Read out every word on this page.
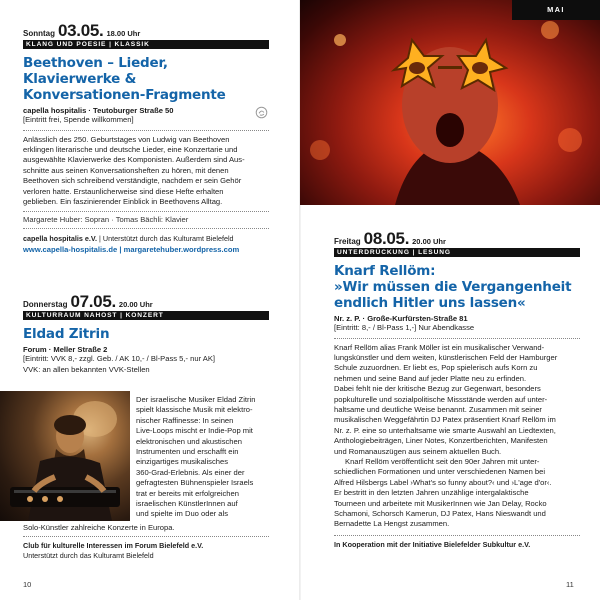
Sonntag 03.05. 18.00 Uhr
KLANG UND POESIE | KLASSIK
Beethoven – Lieder, Klavierwerke &
Konversationen-Fragmente
capella hospitalis · Teutoburger Straße 50
[Eintritt frei, Spende willkommen]
Anlässlich des 250. Geburtstages von Ludwig van Beethoven
erklingen literarische und deutsche Lieder, eine Konzertarie und
ausgewählte Klavierwerke des Komponisten. Außerdem sind Aus-
schnitte aus seinen Konversationsheften zu hören, mit denen
Beethoven sich schreibend verständigte, nachdem er sein Gehör
verloren hatte. Erstaunlicherweise sind diese Hefte erhalten
geblieben. Ein faszinierender Einblick in Beethovens Alltag.
Margarete Huber: Sopran · Tomas Bächli: Klavier
capella hospitalis e.V. | Unterstützt durch das Kulturamt Bielefeld
www.capella-hospitalis.de | margaretehuber.wordpress.com
Donnerstag 07.05. 20.00 Uhr
KULTURRAUM NAHOST | KONZERT
Eldad Zitrin
Forum · Meller Straße 2
[Eintritt: VVK 8,- zzgl. Geb. / AK 10,- / Bl-Pass 5,- nur AK]
VVK: an allen bekannten VVK-Stellen
Der israelische Musiker Eldad Zitrin
spielt klassische Musik mit elektro-
nischer Raffinesse: In seinen
Live-Loops mischt er Indie-Pop mit
elektronischen und akustischen
Instrumenten und erschafft ein
einzigartiges musikalisches
360-Grad-Erlebnis. Als einer der
gefragtesten Bühnenspieler Israels
trat er bereits mit erfolgreichen
israelischen KünstlerInnen auf
und spielte im Duo oder als
Solo-Künstler zahlreiche Konzerte in Europa.
Club für kulturelle Interessen im Forum Bielefeld e.V.
Unterstützt durch das Kulturamt Bielefeld
10
MAI
Freitag 08.05. 20.00 Uhr
UNTERDRÜCKUNG | LESUNG
Knarf Rellöm:
»Wir müssen die Vergangenheit
endlich Hitler uns lassen«
Nr. z. P. · Große-Kurfürsten-Straße 81
[Eintritt: 8,- / Bl-Pass 1,-] Nur Abendkasse
Knarf Rellöm alias Frank Möller ist ein musikalischer Verwand-
lungskünstler und dem weiten, künstlerischen Feld der Hamburger
Schule zuzuordnen. Er liebt es, Pop spielerisch aufs Korn zu
nehmen und seine Band auf jeder Platte neu zu erfinden.
Dabei fehlt nie der kritische Bezug zur Gegenwart, besonders
popkulturelle und sozialpolitische Missstände werden auf unter-
haltsame und deutliche Weise benannt. Zusammen mit seiner
musikalischen Weggefährtin DJ Patex präsentiert Knarf Rellöm im
Nr. z. P. eine so unterhaltsame wie smarte Auswahl an Liedtexten,
Anthologiebeiträgen, Liner Notes, Konzertberichten, Manifesten
und Romanauszügen aus seinem aktuellen Buch.
Knarf Rellöm veröffentlicht seit den 90er Jahren mit unter-
schiedlichen Formationen und unter verschiedenen Namen bei
Alfred Hilsbergs Label ›What's so funny about?‹ und ›L'age d'or‹.
Er bestritt in den letzten Jahren unzählige intergalaktische
Tourneen und arbeitete mit MusikerInnen wie Jan Delay, Rocko
Schamoni, Schorsch Kamerun, DJ Patex, Hans Nieswandt und
Bernadette La Hengst zusammen.
In Kooperation mit der Initiative Bielefelder Subkultur e.V.
11
